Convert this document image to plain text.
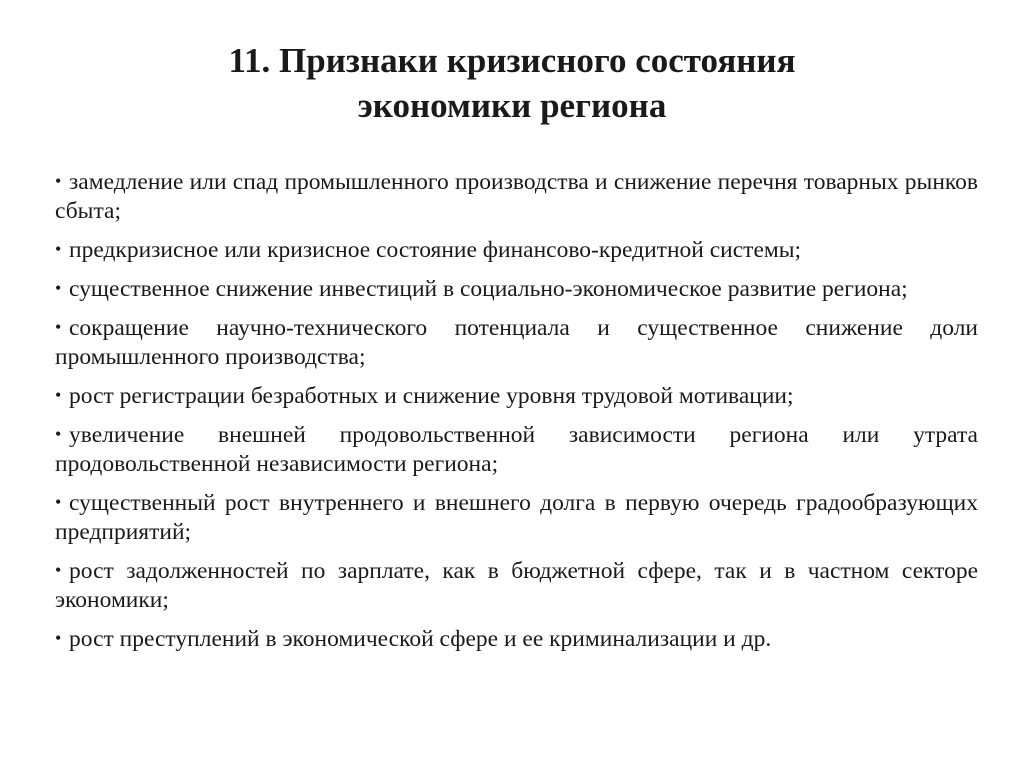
11. Признаки кризисного состояния
экономики региона
• замедление или спад промышленного производства и снижение перечня товарных рынков сбыта;
• предкризисное или кризисное состояние финансово-кредитной системы;
• существенное снижение инвестиций в социально-экономическое развитие региона;
• сокращение научно-технического потенциала и существенное снижение доли промышленного производства;
• рост регистрации безработных и снижение уровня трудовой мотивации;
• увеличение внешней продовольственной зависимости региона или утрата продовольственной независимости региона;
• существенный рост внутреннего и внешнего долга в первую очередь градообразующих предприятий;
• рост задолженностей по зарплате, как в бюджетной сфере, так и в частном секторе экономики;
• рост преступлений в экономической сфере и ее криминализации и др.
